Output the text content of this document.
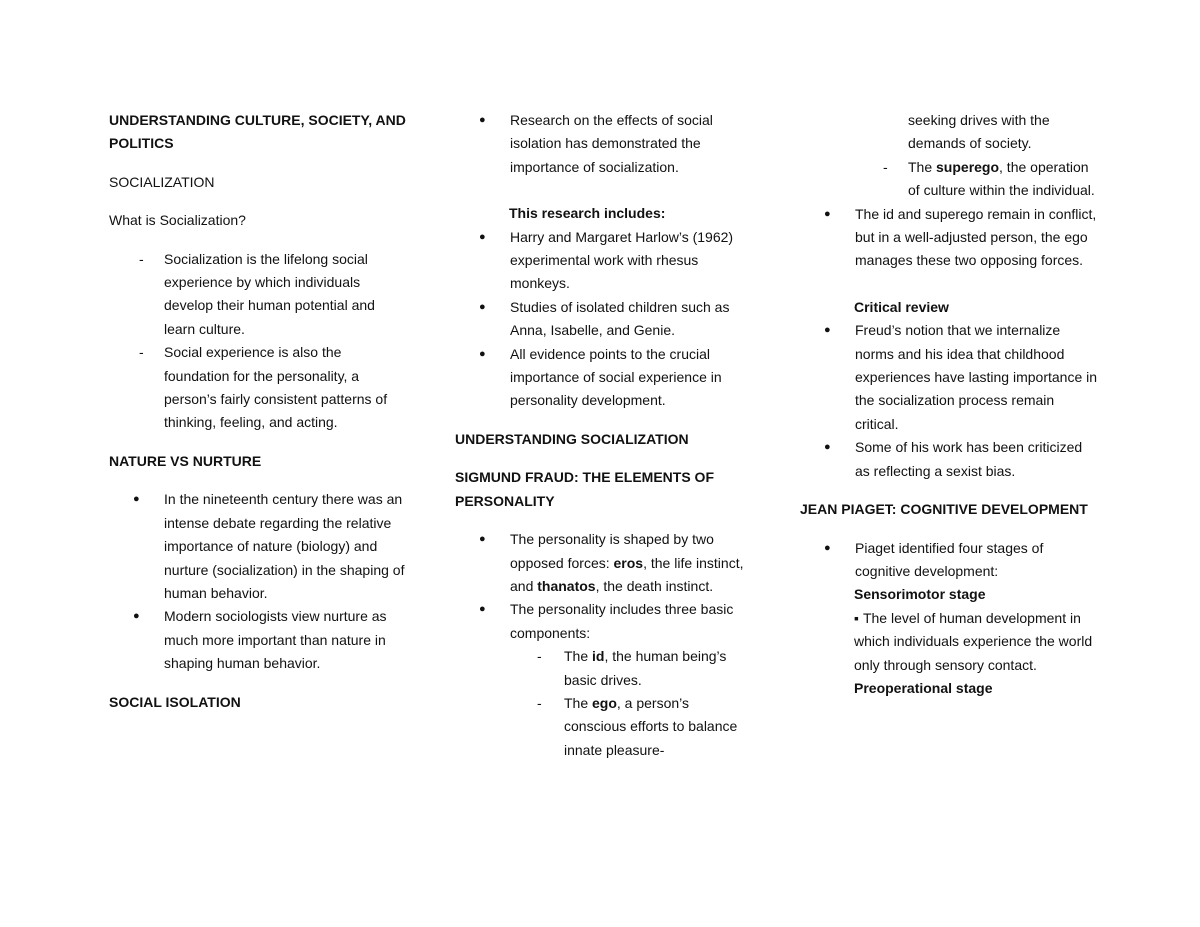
UNDERSTANDING CULTURE, SOCIETY, AND POLITICS

SOCIALIZATION

What is Socialization?

- Socialization is the lifelong social experience by which individuals develop their human potential and learn culture.
- Social experience is also the foundation for the personality, a person’s fairly consistent patterns of thinking, feeling, and acting.

NATURE VS NURTURE

● In the nineteenth century there was an intense debate regarding the relative importance of nature (biology) and nurture (socialization) in the shaping of human behavior.
● Modern sociologists view nurture as much more important than nature in shaping human behavior.

SOCIAL ISOLATION

● Research on the effects of social isolation has demonstrated the importance of socialization.

This research includes:

● Harry and Margaret Harlow’s (1962) experimental work with rhesus monkeys.
● Studies of isolated children such as Anna, Isabelle, and Genie.
● All evidence points to the crucial importance of social experience in personality development.

UNDERSTANDING SOCIALIZATION

SIGMUND FRAUD: THE ELEMENTS OF PERSONALITY

● The personality is shaped by two opposed forces: eros, the life instinct, and thanatos, the death instinct.
● The personality includes three basic components:
- The id, the human being’s basic drives.
- The ego, a person’s conscious efforts to balance innate pleasure-

seeking drives with the demands of society.

- The superego, the operation of culture within the individual.
● The id and superego remain in conflict, but in a well-adjusted person, the ego manages these two opposing forces.

Critical review

● Freud’s notion that we internalize norms and his idea that childhood experiences have lasting importance in the socialization process remain critical.
● Some of his work has been criticized as reflecting a sexist bias.

JEAN PIAGET: COGNITIVE DEVELOPMENT

● Piaget identified four stages of cognitive development:

Sensorimotor stage

▪ The level of human development in which individuals experience the world only through sensory contact.

Preoperational stage
